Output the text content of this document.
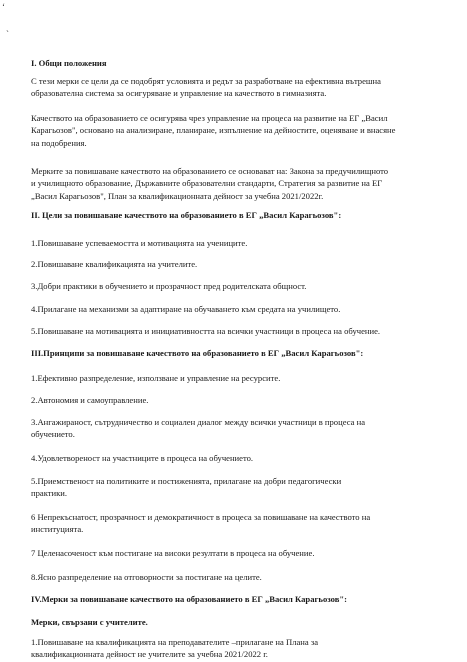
ʻ
ˏ
I. Общи положения
С тези мерки се цели да се подобрят условията и редът за разработване на ефективна вътрешна
образователна система за осигуряване и управление на качеството в гимназията.
Качеството на образованието се осигурява чрез управление на процеса на развитие на ЕГ „Васил
Карагьозов", основано на анализиране, планиране, изпълнение на дейностите, оценяване и внасяне
на подобрения.
Мерките за повишаване качеството на образованието се основават на: Закона за предучилищното
и училищното образование, Държавните образователни стандарти, Стратегия за развитие на ЕГ
„Васил Карагьозов", План за квалификационната дейност за учебна 2021/2022г.
II. Цели за повишаване качеството на образованието в ЕГ „Васил Карагьозов":
1.Повишаване успеваемостта и мотивацията на учениците.
2.Повишаване квалификацията на учителите.
3.Добри практики в обучението и прозрачност пред родителската общност.
4.Прилагане на механизми за адаптиране на обучаването към средата на училището.
5.Повишаване на мотивацията и инициативността на всички участници в процеса на обучение.
III.Принципи за повишаване качеството на образованието в ЕГ „Васил Карагьозов":
1.Ефективно разпределение, използване и управление на ресурсите.
2.Автономия и самоуправление.
3.Ангажираност, сътрудничество и социален диалог между всички участници в процеса на
обучението.
4.Удовлетвореност на участниците в процеса на обучението.
5.Приемственост на политиките и постиженията, прилагане на добри педагогически
практики.
6 Непрекъснатост, прозрачност и демократичност в процеса за повишаване на качеството на
институцията.
7 Целенасоченост към постигане на високи резултати в процеса на обучение.
8.Ясно разпределение на отговорности за постигане на целите.
IV.Мерки за повишаване качеството на образованието в ЕГ „Васил Карагьозов":
Мерки, свързани с учителите.
1.Повишаване на квалификацията на преподавателите –прилагане на Плана за
квалификационната дейност не учителите за учебна 2021/2022 г.
